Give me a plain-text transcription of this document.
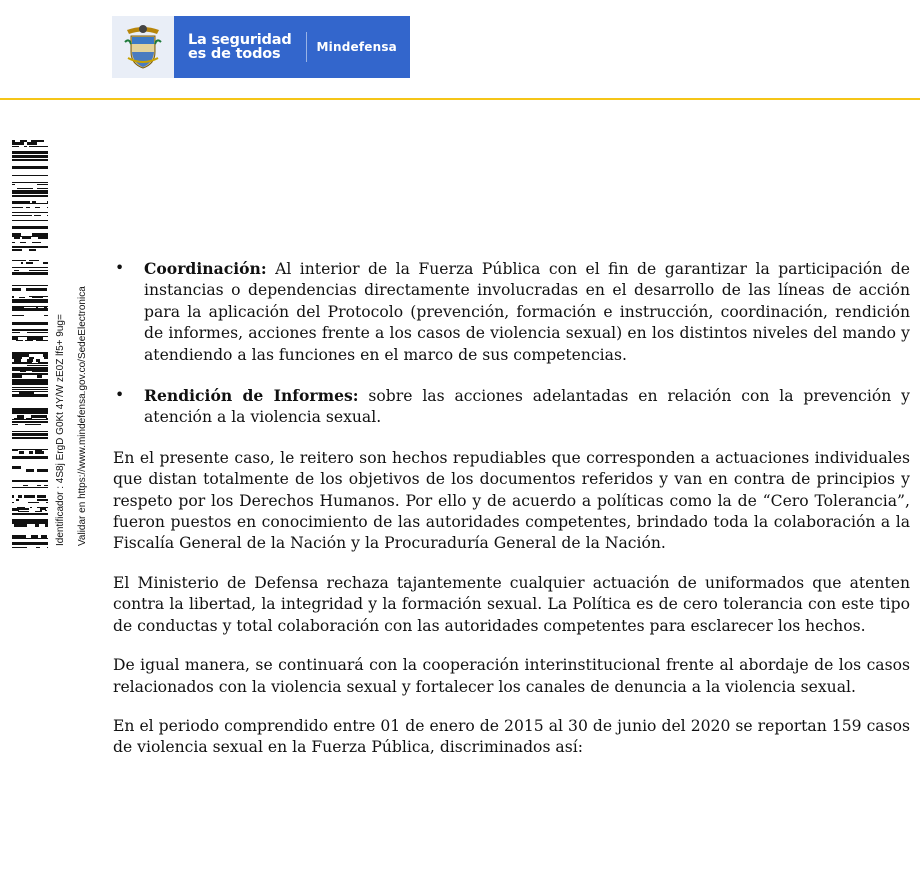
La seguridad
es de todos	Mindefensa
Identificador : 4S8j ErgD G0Kt 4Y/W zE0Z lf5+ 9ug= Validar en https://www.mindefensa.gov.co/SedeElectronica
• Coordinación: Al interior de la Fuerza Pública con el fin de garantizar la participación de instancias o dependencias directamente involucradas en el desarrollo de las líneas de acción para la aplicación del Protocolo (prevención, formación e instrucción, coordinación, rendición de informes, acciones frente a los casos de violencia sexual) en los distintos niveles del mando y atendiendo a las funciones en el marco de sus competencias.
• Rendición de Informes: sobre las acciones adelantadas en relación con la prevención y atención a la violencia sexual.

En el presente caso, le reitero son hechos repudiables que corresponden a actuaciones individuales que distan totalmente de los objetivos de los documentos referidos y van en contra de principios y respeto por los Derechos Humanos. Por ello y de acuerdo a políticas como la de “Cero Tolerancia”, fueron puestos en conocimiento de las autoridades competentes, brindado toda la colaboración a la Fiscalía General de la Nación y la Procuraduría General de la Nación.

El Ministerio de Defensa rechaza tajantemente cualquier actuación de uniformados que atenten contra la libertad, la integridad y la formación sexual. La Política es de cero tolerancia con este tipo de conductas y total colaboración con las autoridades competentes para esclarecer los hechos.

De igual manera, se continuará con la cooperación interinstitucional frente al abordaje de los casos relacionados con la violencia sexual y fortalecer los canales de denuncia a la violencia sexual.

En el periodo comprendido entre 01 de enero de 2015 al 30 de junio del 2020 se reportan 159 casos de violencia sexual en la Fuerza Pública, discriminados así:
